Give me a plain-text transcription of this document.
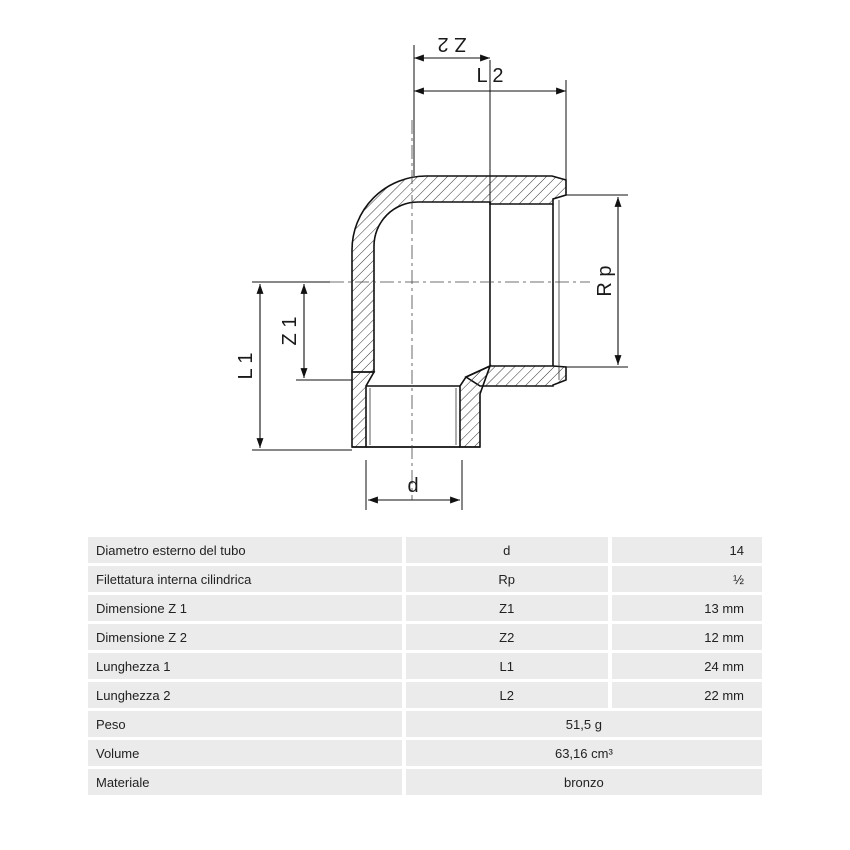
Z 2
L 2
R p
Z 1
L 1
d
Diametro esterno del tubo	d	14
Filettatura interna cilindrica	Rp	½
Dimensione Z 1	Z1	13 mm
Dimensione Z 2	Z2	12 mm
Lunghezza 1	L1	24 mm
Lunghezza 2	L2	22 mm
Peso	51,5 g	
Volume	63,16 cm³	
Materiale	bronzo	
